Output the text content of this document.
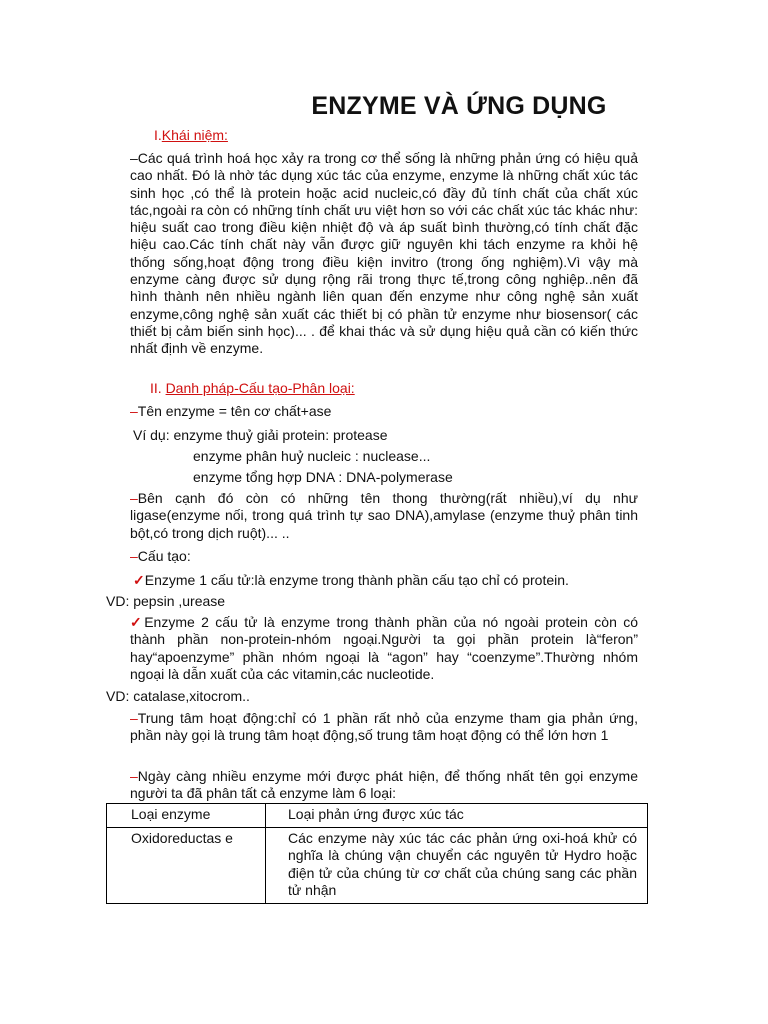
ENZYME VÀ ỨNG DỤNG
I.Khái niệm:
–Các quá trình hoá học xảy ra trong cơ thể sống là những phản ứng có hiệu quả cao nhất. Đó là nhờ tác dụng xúc tác của enzyme, enzyme là những chất xúc tác sinh học ,có thể là protein hoặc acid nucleic,có đầy đủ tính chất của chất xúc tác,ngoài ra còn có những tính chất ưu việt hơn so với các chất xúc tác khác như: hiệu suất cao trong điều kiện nhiệt độ và áp suất bình thường,có tính chất đặc hiệu cao.Các tính chất này vẫn được giữ nguyên khi tách enzyme ra khỏi hệ thống sống,hoạt động trong điều kiện invitro (trong ống nghiệm).Vì vậy mà enzyme càng được sử dụng rộng rãi trong thực tế,trong công nghiệp..nên đã hình thành nên nhiều ngành liên quan đến enzyme như công nghệ sản xuất enzyme,công nghệ sản xuất các thiết bị có phần tử enzyme như biosensor( các thiết bị cảm biến sinh học)... . để khai thác và sử dụng hiệu quả cần có kiến thức nhất định về enzyme.
II. Danh pháp-Cấu tạo-Phân loại:
–Tên enzyme = tên cơ chất+ase
Ví dụ: enzyme thuỷ giải protein: protease
enzyme phân huỷ nucleic : nuclease...
enzyme tổng hợp DNA : DNA-polymerase
–Bên cạnh đó còn có những tên thong thường(rất nhiều),ví dụ như ligase(enzyme nối, trong quá trình tự sao DNA),amylase (enzyme thuỷ phân tinh bột,có trong dịch ruột)... ..
–Cấu tạo:
✓Enzyme 1 cấu tử:là enzyme trong thành phần cấu tạo chỉ có protein.
VD: pepsin ,urease
✓Enzyme 2 cấu tử là enzyme trong thành phần của nó ngoài protein còn có thành phần non-protein-nhóm ngoại.Người ta gọi phần protein là“feron” hay“apoenzyme” phần nhóm ngoại là “agon” hay “coenzyme”.Thường nhóm ngoại là dẫn xuất của các vitamin,các nucleotide.
VD: catalase,xitocrom..
–Trung tâm hoạt động:chỉ có 1 phần rất nhỏ của enzyme tham gia phản ứng, phần này gọi là trung tâm hoạt động,số trung tâm hoạt động có thể lớn hơn 1
–Ngày càng nhiều enzyme mới được phát hiện, để thống nhất tên gọi enzyme người ta đã phân tất cả enzyme làm 6 loại:
Loại enzyme	Loại phản ứng được xúc tác
Oxidoreductas e	Các enzyme này xúc tác các phản ứng oxi-hoá khử có nghĩa là chúng vận chuyển các nguyên tử Hydro hoặc điện tử của chúng từ cơ chất của chúng sang các phần tử nhận
